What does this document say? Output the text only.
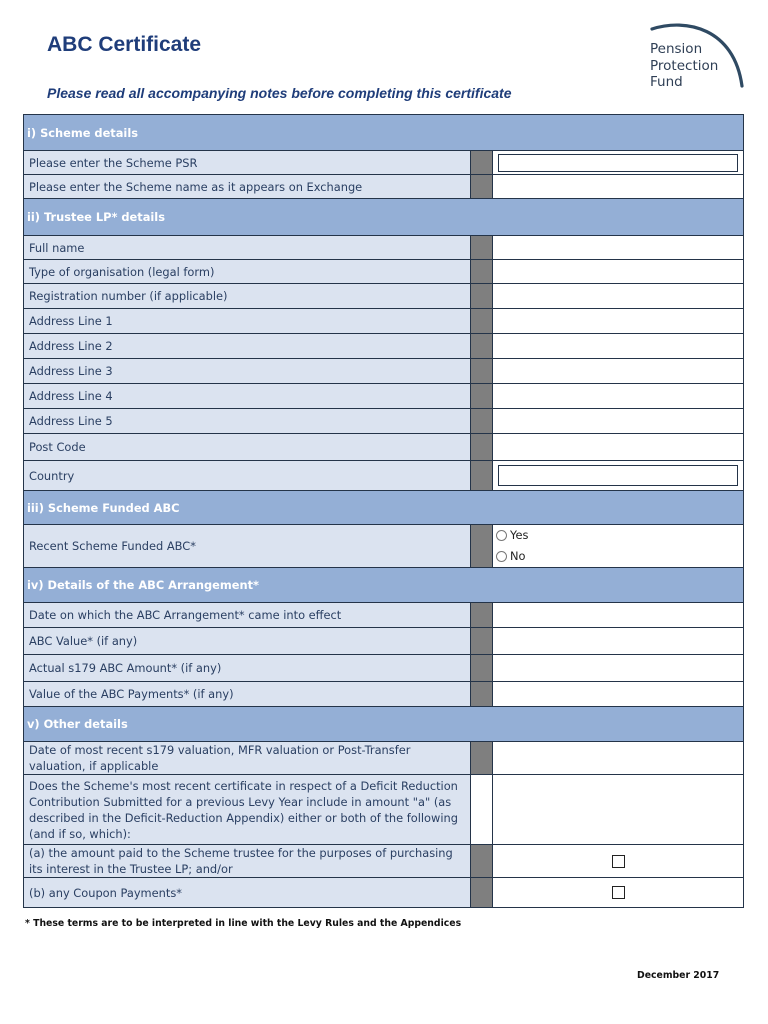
ABC Certificate
Please read all accompanying notes before completing this certificate
Pension
Protection
Fund
i) Scheme details		
Please enter the Scheme PSR		

Please enter the Scheme name as it appears on Exchange		
ii) Trustee LP* details		
Full name		
Type of organisation (legal form)		
Registration number (if applicable)		
Address Line 1		
Address Line 2		
Address Line 3		
Address Line 4		
Address Line 5		
Post Code		
Country		

iii) Scheme Funded ABC		
Recent Scheme Funded ABC*		Yes
No

iv) Details of the ABC Arrangement*		
Date on which the ABC Arrangement* came into effect		
ABC Value* (if any)		
Actual s179 ABC Amount* (if any)		
Value of the ABC Payments* (if any)		
v) Other details		
Date of most recent s179 valuation, MFR valuation or Post-Transfer valuation, if applicable		
Does the Scheme's most recent certificate in respect of a Deficit Reduction Contribution Submitted for a previous Levy Year include in amount "a" (as described in the Deficit-Reduction Appendix) either or both of the following (and if so, which):		
(a) the amount paid to the Scheme trustee for the purposes of purchasing its interest in the Trustee LP; and/or		

(b) any Coupon Payments*		
* These terms are to be interpreted in line with the Levy Rules and the Appendices
December 2017
